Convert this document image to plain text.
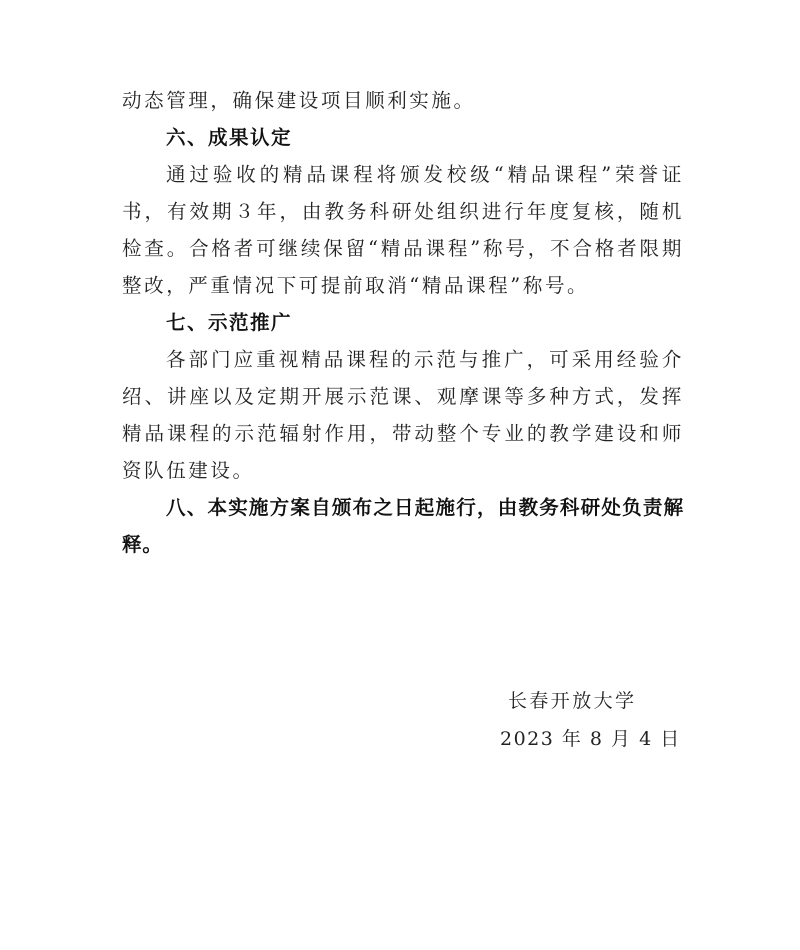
动态管理，确保建设项目顺利实施。

六、成果认定

通过验收的精品课程将颁发校级“精品课程”荣誉证书，有效期３年，由教务科研处组织进行年度复核，随机检查。合格者可继续保留“精品课程”称号，不合格者限期整改，严重情况下可提前取消“精品课程”称号。

七、示范推广

各部门应重视精品课程的示范与推广，可采用经验介绍、讲座以及定期开展示范课、观摩课等多种方式，发挥精品课程的示范辐射作用，带动整个专业的教学建设和师资队伍建设。

八、本实施方案自颁布之日起施行，由教务科研处负责解释。

长春开放大学
2023 年 8 月 4 日
